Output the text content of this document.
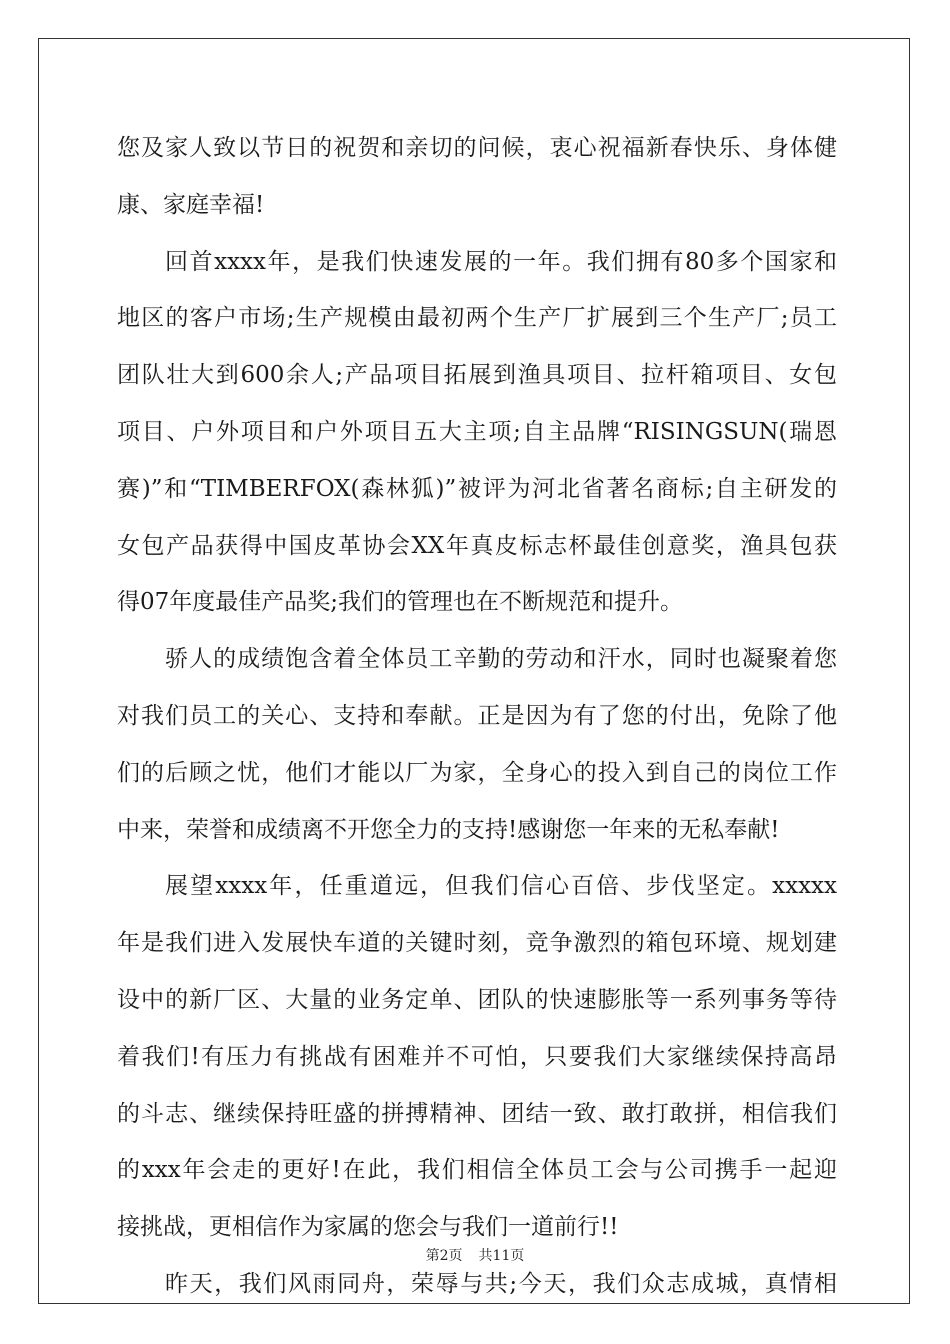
您及家人致以节日的祝贺和亲切的问候，衷心祝福新春快乐、身体健
康、家庭幸福!
回首xxxx年，是我们快速发展的一年。我们拥有80多个国家和
地区的客户市场;生产规模由最初两个生产厂扩展到三个生产厂;员工
团队壮大到600余人;产品项目拓展到渔具项目、拉杆箱项目、女包
项目、户外项目和户外项目五大主项;自主品牌“RISINGSUN(瑞恩
赛)”和“TIMBERFOX(森林狐)”被评为河北省著名商标;自主研发的
女包产品获得中国皮革协会XX年真皮标志杯最佳创意奖，渔具包获
得07年度最佳产品奖;我们的管理也在不断规范和提升。
骄人的成绩饱含着全体员工辛勤的劳动和汗水，同时也凝聚着您
对我们员工的关心、支持和奉献。正是因为有了您的付出，免除了他
们的后顾之忧，他们才能以厂为家，全身心的投入到自己的岗位工作
中来，荣誉和成绩离不开您全力的支持!感谢您一年来的无私奉献!
展望xxxx年，任重道远，但我们信心百倍、步伐坚定。xxxxx
年是我们进入发展快车道的关键时刻，竞争激烈的箱包环境、规划建
设中的新厂区、大量的业务定单、团队的快速膨胀等一系列事务等待
着我们!有压力有挑战有困难并不可怕，只要我们大家继续保持高昂
的斗志、继续保持旺盛的拼搏精神、团结一致、敢打敢拼，相信我们
的xxx年会走的更好!在此，我们相信全体员工会与公司携手一起迎
接挑战，更相信作为家属的您会与我们一道前行!!
昨天，我们风雨同舟，荣辱与共;今天，我们众志成城，真情相
第2页 共11页
